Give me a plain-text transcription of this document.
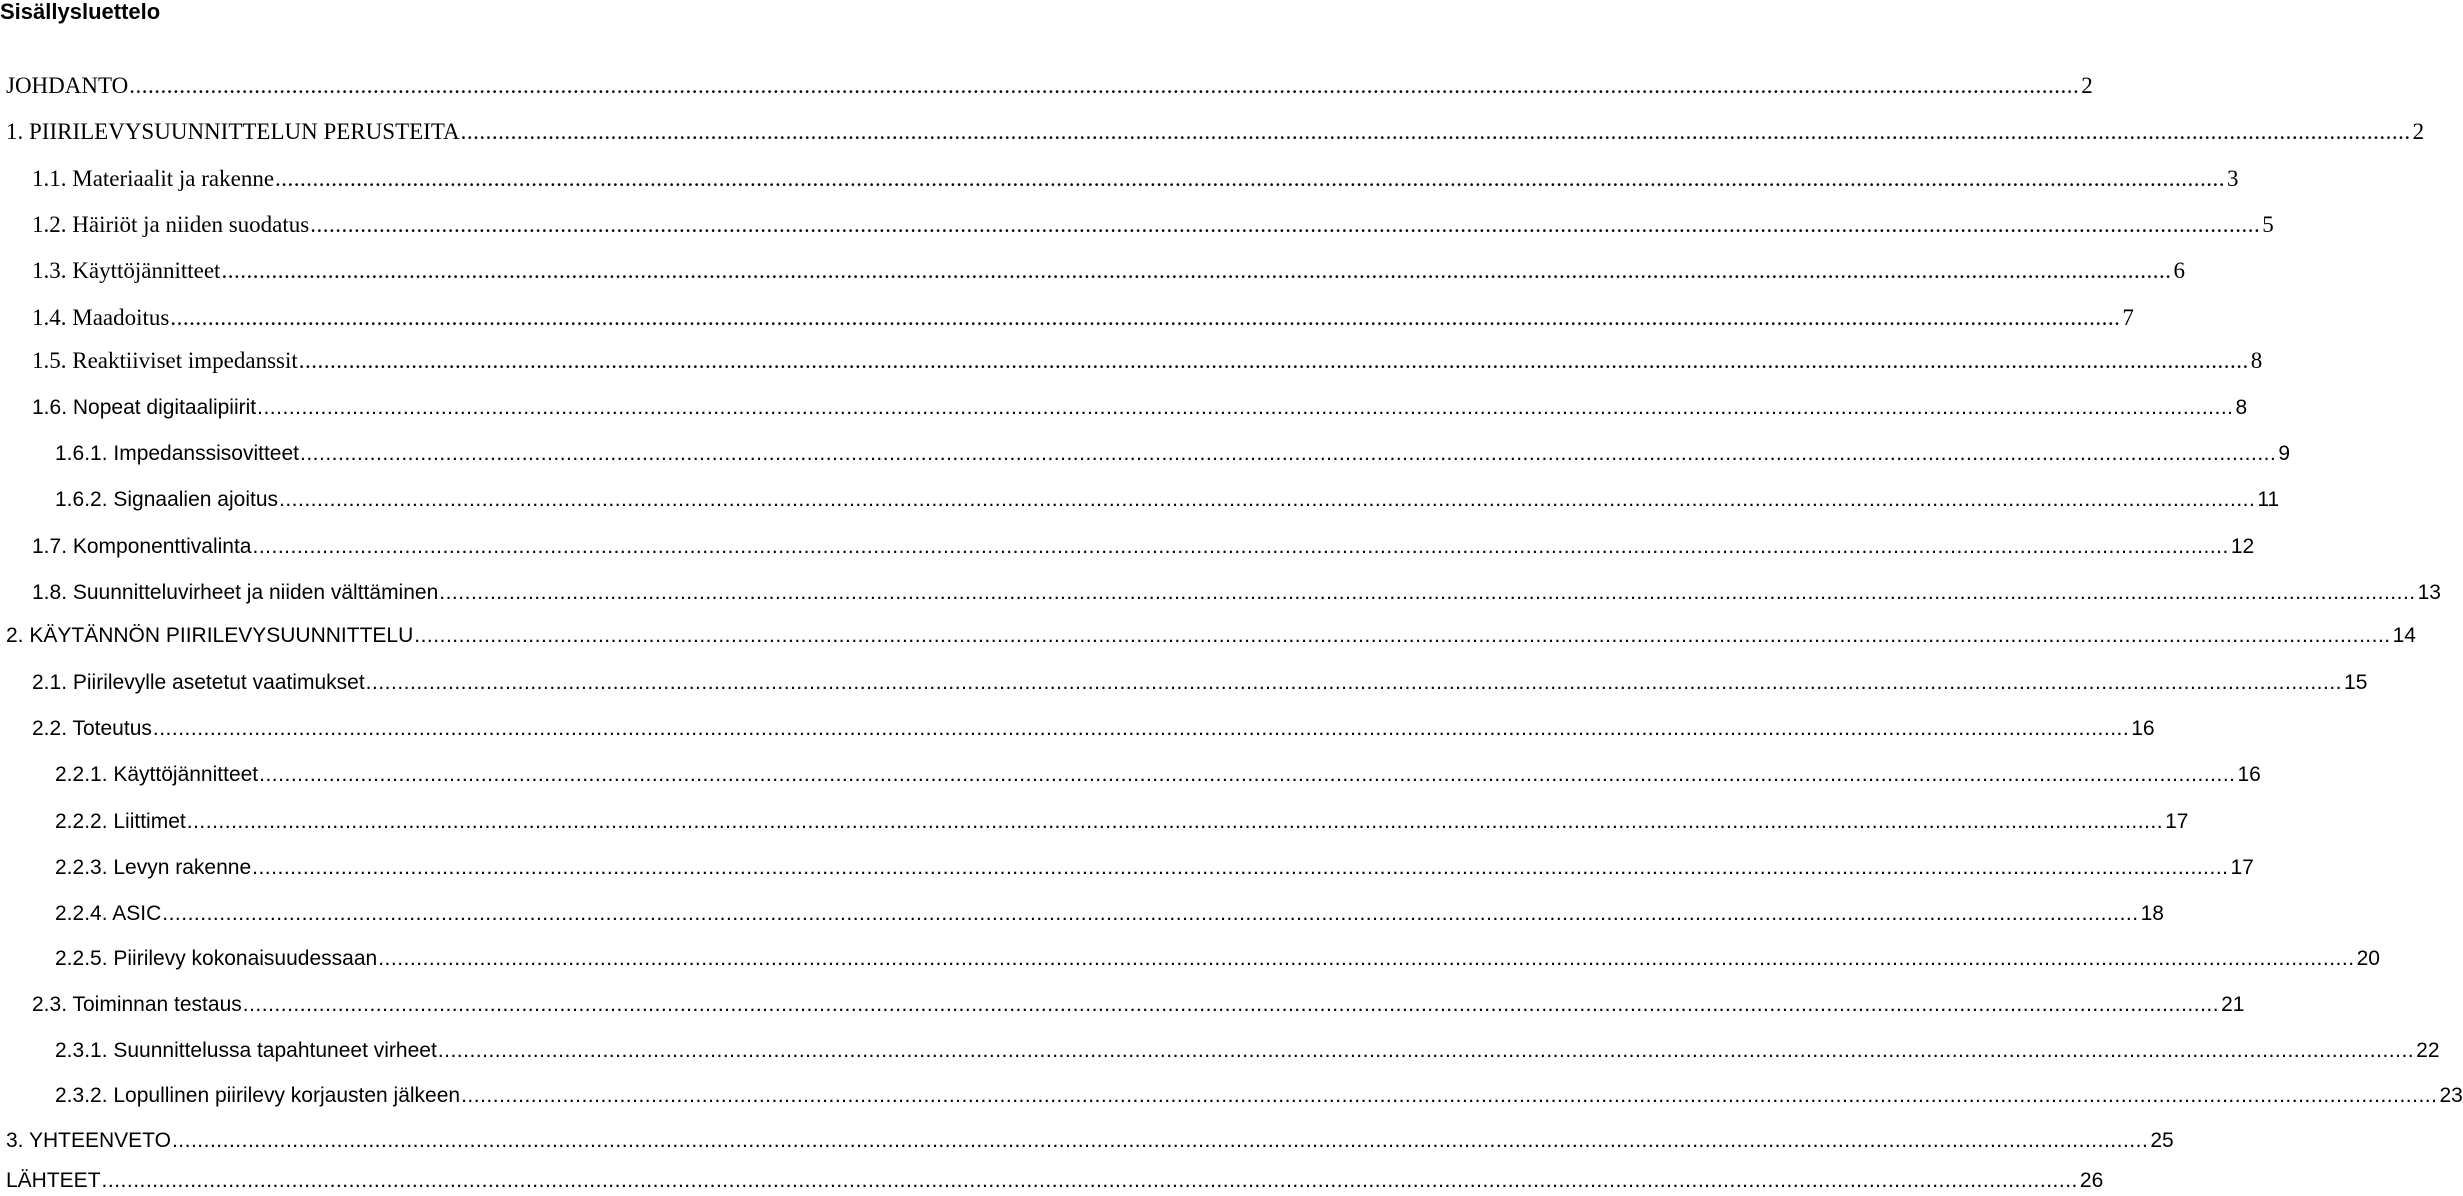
Sisällysluettelo
JOHDANTO .....	2
1. PIIRILEVYSUUNNITTELUN PERUSTEITA .....	2
1.1. Materiaalit ja rakenne .....	3
1.2. Häiriöt ja niiden suodatus .....	5
1.3. Käyttöjännitteet .....	6
1.4. Maadoitus .....	7
1.5. Reaktiiviset impedanssit .....	8
1.6. Nopeat digitaalipiirit .....	8
1.6.1. Impedanssisovitteet .....	9
1.6.2. Signaalien ajoitus .....	11
1.7. Komponenttivalinta .....	12
1.8. Suunnitteluvirheet ja niiden välttäminen .....	13
2. KÄYTÄNNÖN PIIRILEVYSUUNNITTELU .....	14
2.1. Piirilevylle asetetut vaatimukset .....	15
2.2. Toteutus .....	16
2.2.1. Käyttöjännitteet .....	16
2.2.2. Liittimet .....	17
2.2.3. Levyn rakenne .....	17
2.2.4. ASIC .....	18
2.2.5. Piirilevy kokonaisuudessaan .....	20
2.3. Toiminnan testaus .....	21
2.3.1. Suunnittelussa tapahtuneet virheet .....	22
2.3.2. Lopullinen piirilevy korjausten jälkeen .....	23
3. YHTEENVETO .....	25
LÄHTEET .....	26
